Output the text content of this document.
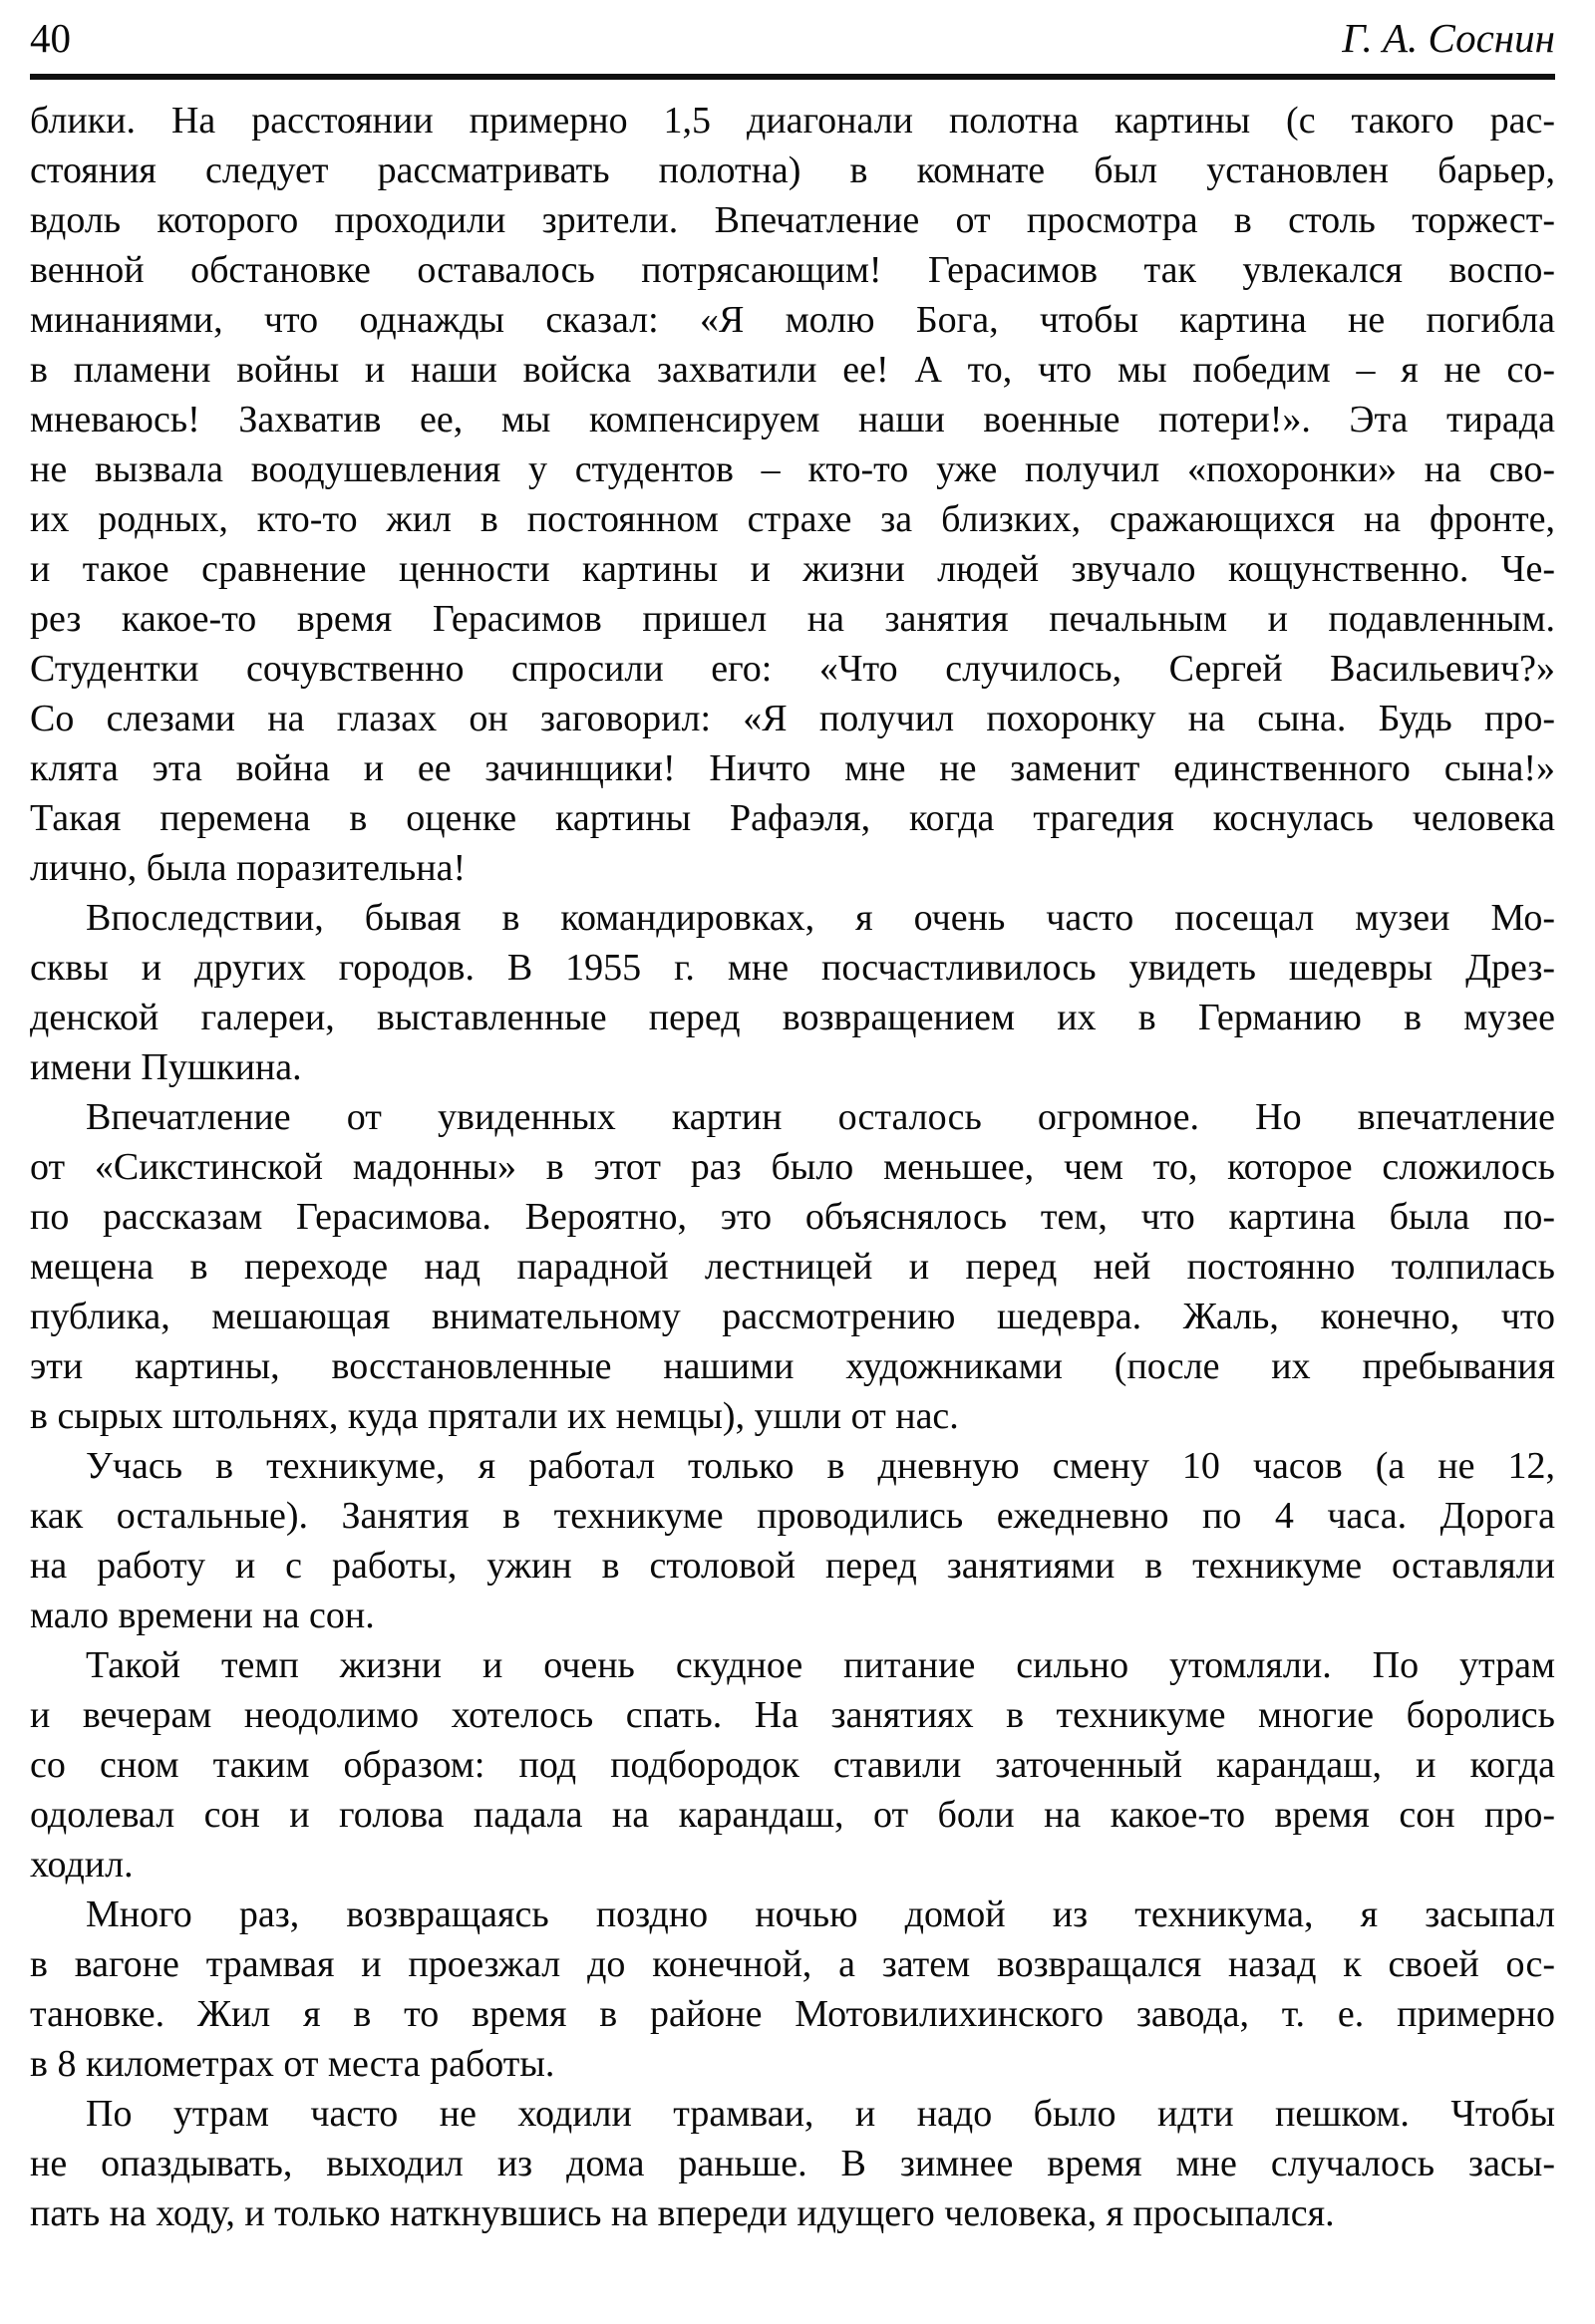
40	Г. А. Соснин
блики. На расстоянии примерно 1,5 диагонали полотна картины (с такого рас-
стояния следует рассматривать полотна) в комнате был установлен барьер,
вдоль которого проходили зрители. Впечатление от просмотра в столь торжест-
венной обстановке оставалось потрясающим! Герасимов так увлекался воспо-
минаниями, что однажды сказал: «Я молю Бога, чтобы картина не погибла
в пламени войны и наши войска захватили ее! А то, что мы победим – я не со-
мневаюсь! Захватив ее, мы компенсируем наши военные потери!». Эта тирада
не вызвала воодушевления у студентов – кто-то уже получил «похоронки» на сво-
их родных, кто-то жил в постоянном страхе за близких, сражающихся на фронте,
и такое сравнение ценности картины и жизни людей звучало кощунственно. Че-
рез какое-то время Герасимов пришел на занятия печальным и подавленным.
Студентки сочувственно спросили его: «Что случилось, Сергей Васильевич?»
Со слезами на глазах он заговорил: «Я получил похоронку на сына. Будь про-
клята эта война и ее зачинщики! Ничто мне не заменит единственного сына!»
Такая перемена в оценке картины Рафаэля, когда трагедия коснулась человека
лично, была поразительна!
Впоследствии, бывая в командировках, я очень часто посещал музеи Мо-
сквы и других городов. В 1955 г. мне посчастливилось увидеть шедевры Дрез-
денской галереи, выставленные перед возвращением их в Германию в музее
имени Пушкина.
Впечатление от увиденных картин осталось огромное. Но впечатление
от «Сикстинской мадонны» в этот раз было меньшее, чем то, которое сложилось
по рассказам Герасимова. Вероятно, это объяснялось тем, что картина была по-
мещена в переходе над парадной лестницей и перед ней постоянно толпилась
публика, мешающая внимательному рассмотрению шедевра. Жаль, конечно, что
эти картины, восстановленные нашими художниками (после их пребывания
в сырых штольнях, куда прятали их немцы), ушли от нас.
Учась в техникуме, я работал только в дневную смену 10 часов (а не 12,
как остальные). Занятия в техникуме проводились ежедневно по 4 часа. Дорога
на работу и с работы, ужин в столовой перед занятиями в техникуме оставляли
мало времени на сон.
Такой темп жизни и очень скудное питание сильно утомляли. По утрам
и вечерам неодолимо хотелось спать. На занятиях в техникуме многие боролись
со сном таким образом: под подбородок ставили заточенный карандаш, и когда
одолевал сон и голова падала на карандаш, от боли на какое-то время сон про-
ходил.
Много раз, возвращаясь поздно ночью домой из техникума, я засыпал
в вагоне трамвая и проезжал до конечной, а затем возвращался назад к своей ос-
тановке. Жил я в то время в районе Мотовилихинского завода, т. е. примерно
в 8 километрах от места работы.
По утрам часто не ходили трамваи, и надо было идти пешком. Чтобы
не опаздывать, выходил из дома раньше. В зимнее время мне случалось засы-
пать на ходу, и только наткнувшись на впереди идущего человека, я просыпался.
